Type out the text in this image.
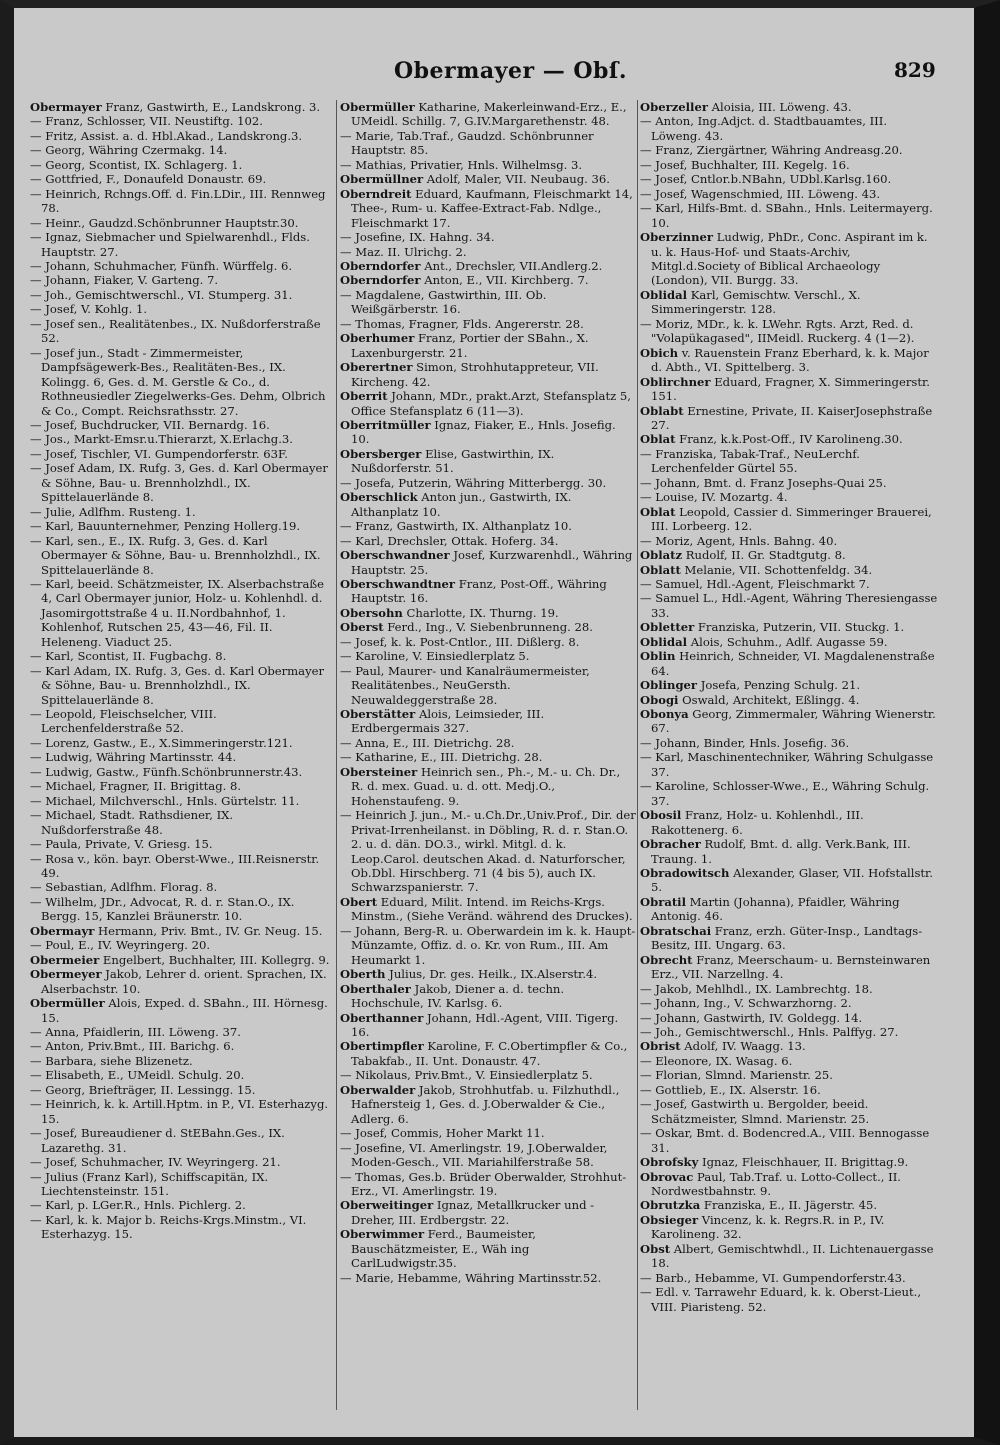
Obermayer — Obſ.	829

Obermayer Franz, Gastwirth, E., Landskrong. 3.

— Franz, Schlosser, VII. Neustiftg. 102.

— Fritz, Assist. a. d. Hbl.Akad., Landskrong.3.

— Georg, Währing Czermakg. 14.

— Georg, Scontist, IX. Schlagerg. 1.

— Gottfried, F., Donaufeld Donaustr. 69.

— Heinrich, Rchngs.Off. d. Fin.LDir., III. Rennweg 78.

— Heinr., Gaudzd.Schönbrunner Hauptstr.30.

— Ignaz, Siebmacher und Spielwarenhdl., Flds. Hauptstr. 27.

— Johann, Schuhmacher, Fünfh. Würffelg. 6.

— Johann, Fiaker, V. Garteng. 7.

— Joh., Gemischtwerschl., VI. Stumperg. 31.

— Josef, V. Kohlg. 1.

— Josef sen., Realitätenbes., IX. Nußdorferstraße 52.

— Josef jun., Stadt - Zimmermeister, Dampfsägewerk-Bes., Realitäten-Bes., IX. Kolingg. 6, Ges. d. M. Gerstle & Co., d. Rothneusiedler Ziegelwerks-Ges. Dehm, Olbrich & Co., Compt. Reichsrathsstr. 27.

— Josef, Buchdrucker, VII. Bernardg. 16.

— Jos., Markt-Emsr.u.Thierarzt, X.Erlachg.3.

— Josef, Tischler, VI. Gumpendorferstr. 63F.

— Josef Adam, IX. Rufg. 3, Ges. d. Karl Obermayer & Söhne, Bau- u. Brennholzhdl., IX. Spittelauerlände 8.

— Julie, Adlfhm. Rusteng. 1.

— Karl, Bauunternehmer, Penzing Hollerg.19.

— Karl, sen., E., IX. Rufg. 3, Ges. d. Karl Obermayer & Söhne, Bau- u. Brennholzhdl., IX. Spittelauerlände 8.

— Karl, beeid. Schätzmeister, IX. Alserbachstraße 4, Carl Obermayer junior, Holz- u. Kohlenhdl. d. Jasomirgottstraße 4 u. II.Nordbahnhof, 1. Kohlenhof, Rutschen 25, 43—46, Fil. II. Heleneng. Viaduct 25.

— Karl, Scontist, II. Fugbachg. 8.

— Karl Adam, IX. Rufg. 3, Ges. d. Karl Obermayer & Söhne, Bau- u. Brennholzhdl., IX. Spittelauerlände 8.

— Leopold, Fleischselcher, VIII. Lerchenfelderstraße 52.

— Lorenz, Gastw., E., X.Simmeringerstr.121.

— Ludwig, Währing Martinsstr. 44.

— Ludwig, Gastw., Fünfh.Schönbrunnerstr.43.

— Michael, Fragner, II. Brigittag. 8.

— Michael, Milchverschl., Hnls. Gürtelstr. 11.

— Michael, Stadt. Rathsdiener, IX. Nußdorferstraße 48.

— Paula, Private, V. Griesg. 15.

— Rosa v., kön. bayr. Oberst-Wwe., III.Reisnerstr. 49.

— Sebastian, Adlfhm. Florag. 8.

— Wilhelm, JDr., Advocat, R. d. r. Stan.O., IX. Bergg. 15, Kanzlei Bräunerstr. 10.

Obermayr Hermann, Priv. Bmt., IV. Gr. Neug. 15.

— Poul, E., IV. Weyringerg. 20.

Obermeier Engelbert, Buchhalter, III. Kollegrg. 9.

Obermeyer Jakob, Lehrer d. orient. Sprachen, IX. Alserbachstr. 10.

Obermüller Alois, Exped. d. SBahn., III. Hörnesg. 15.

— Anna, Pfaidlerin, III. Löweng. 37.

— Anton, Priv.Bmt., III. Barichg. 6.

— Barbara, siehe Blizenetz.

— Elisabeth, E., UMeidl. Schulg. 20.

— Georg, Briefträger, II. Lessingg. 15.

— Heinrich, k. k. Artill.Hptm. in P., VI. Esterhazyg. 15.

— Josef, Bureaudiener d. StEBahn.Ges., IX. Lazarethg. 31.

— Josef, Schuhmacher, IV. Weyringerg. 21.

— Julius (Franz Karl), Schiffscapitän, IX. Liechtensteinstr. 151.

— Karl, p. LGer.R., Hnls. Pichlerg. 2.

— Karl, k. k. Major b. Reichs-Krgs.Minstm., VI. Esterhazyg. 15.

Obermüller Katharine, Makerleinwand-Erz., E., UMeidl. Schillg. 7, G.IV.Margarethenstr. 48.

— Marie, Tab.Traf., Gaudzd. Schönbrunner Hauptstr. 85.

— Mathias, Privatier, Hnls. Wilhelmsg. 3.

Obermüllner Adolf, Maler, VII. Neubaug. 36.

Oberndreit Eduard, Kaufmann, Fleischmarkt 14, Thee-, Rum- u. Kaffee-Extract-Fab. Ndlge., Fleischmarkt 17.

— Josefine, IX. Hahng. 34.

— Maz. II. Ulrichg. 2.

Oberndorfer Ant., Drechsler, VII.Andlerg.2.

Oberndorfer Anton, E., VII. Kirchberg. 7.

— Magdalene, Gastwirthin, III. Ob. Weißgärberstr. 16.

— Thomas, Fragner, Flds. Angererstr. 28.

Oberhumer Franz, Portier der SBahn., X. Laxenburgerstr. 21.

Oberertner Simon, Strohhutappreteur, VII. Kircheng. 42.

Oberrit Johann, MDr., prakt.Arzt, Stefansplatz 5, Office Stefansplatz 6 (11—3).

Oberritmüller Ignaz, Fiaker, E., Hnls. Josefig. 10.

Obersberger Elise, Gastwirthin, IX. Nußdorferstr. 51.

— Josefa, Putzerin, Währing Mitterbergg. 30.

Oberschlick Anton jun., Gastwirth, IX. Althanplatz 10.

— Franz, Gastwirth, IX. Althanplatz 10.

— Karl, Drechsler, Ottak. Hoferg. 34.

Oberschwandner Josef, Kurzwarenhdl., Währing Hauptstr. 25.

Oberschwandtner Franz, Post-Off., Währing Hauptstr. 16.

Obersohn Charlotte, IX. Thurng. 19.

Oberst Ferd., Ing., V. Siebenbrunneng. 28.

— Josef, k. k. Post-Cntlor., III. Dißlerg. 8.

— Karoline, V. Einsiedlerplatz 5.

— Paul, Maurer- und Kanalräumermeister, Realitätenbes., NeuGersth. Neuwaldeggerstraße 28.

Oberstätter Alois, Leimsieder, III. Erdbergermais 327.

— Anna, E., III. Dietrichg. 28.

— Katharine, E., III. Dietrichg. 28.

Obersteiner Heinrich sen., Ph.-, M.- u. Ch. Dr., R. d. mex. Guad. u. d. ott. Medj.O., Hohenstaufeng. 9.

— Heinrich J. jun., M.- u.Ch.Dr.,Univ.Prof., Dir. der Privat-Irrenheilanst. in Döbling, R. d. r. Stan.O. 2. u. d. dän. DO.3., wirkl. Mitgl. d. k. Leop.Carol. deutschen Akad. d. Naturforscher, Ob.Dbl. Hirschberg. 71 (4 bis 5), auch IX. Schwarzspanierstr. 7.

Obert Eduard, Milit. Intend. im Reichs-Krgs. Minstm., (Siehe Veränd. während des Druckes).

— Johann, Berg-R. u. Oberwardein im k. k. Haupt-Münzamte, Offiz. d. o. Kr. von Rum., III. Am Heumarkt 1.

Oberth Julius, Dr. ges. Heilk., IX.Alserstr.4.

Oberthaler Jakob, Diener a. d. techn. Hochschule, IV. Karlsg. 6.

Oberthanner Johann, Hdl.-Agent, VIII. Tigerg. 16.

Obertimpfler Karoline, F. C.Obertimpfler & Co., Tabakfab., II. Unt. Donaustr. 47.

— Nikolaus, Priv.Bmt., V. Einsiedlerplatz 5.

Oberwalder Jakob, Strohhutfab. u. Filzhuthdl., Hafnersteig 1, Ges. d. J.Oberwalder & Cie., Adlerg. 6.

— Josef, Commis, Hoher Markt 11.

— Josefine, VI. Amerlingstr. 19, J.Oberwalder, Moden-Gesch., VII. Mariahilferstraße 58.

— Thomas, Ges.b. Brüder Oberwalder, Strohhut-Erz., VI. Amerlingstr. 19.

Oberweitinger Ignaz, Metallkrucker und -Dreher, III. Erdbergstr. 22.

Oberwimmer Ferd., Baumeister, Bauschätzmeister, E., Wäh ing CarlLudwigstr.35.

— Marie, Hebamme, Währing Martinsstr.52.

Oberzeller Aloisia, III. Löweng. 43.

— Anton, Ing.Adjct. d. Stadtbauamtes, III. Löweng. 43.

— Franz, Ziergärtner, Währing Andreasg.20.

— Josef, Buchhalter, III. Kegelg. 16.

— Josef, Cntlor.b.NBahn, UDbl.Karlsg.160.

— Josef, Wagenschmied, III. Löweng. 43.

— Karl, Hilfs-Bmt. d. SBahn., Hnls. Leitermayerg. 10.

Oberzinner Ludwig, PhDr., Conc. Aspirant im k. u. k. Haus-Hof- und Staats-Archiv, Mitgl.d.Society of Biblical Archaeology (London), VII. Burgg. 33.

Oblidal Karl, Gemischtw. Verschl., X. Simmeringerstr. 128.

— Moriz, MDr., k. k. LWehr. Rgts. Arzt, Red. d. "Volapükagased", IIMeidl. Ruckerg. 4 (1—2).

Obich v. Rauenstein Franz Eberhard, k. k. Major d. Abth., VI. Spittelberg. 3.

Oblirchner Eduard, Fragner, X. Simmeringerstr. 151.

Oblabt Ernestine, Private, II. KaiserJosephstraße 27.

Oblat Franz, k.k.Post-Off., IV Karolineng.30.

— Franziska, Tabak-Traf., NeuLerchf. Lerchenfelder Gürtel 55.

— Johann, Bmt. d. Franz Josephs-Quai 25.

— Louise, IV. Mozartg. 4.

Oblat Leopold, Cassier d. Simmeringer Brauerei, III. Lorbeerg. 12.

— Moriz, Agent, Hnls. Bahng. 40.

Oblatz Rudolf, II. Gr. Stadtgutg. 8.

Oblatt Melanie, VII. Schottenfeldg. 34.

— Samuel, Hdl.-Agent, Fleischmarkt 7.

— Samuel L., Hdl.-Agent, Währing Theresiengasse 33.

Obletter Franziska, Putzerin, VII. Stuckg. 1.

Oblidal Alois, Schuhm., Adlf. Augasse 59.

Oblin Heinrich, Schneider, VI. Magdalenenstraße 64.

Oblinger Josefa, Penzing Schulg. 21.

Obogi Oswald, Architekt, Eßlingg. 4.

Obonya Georg, Zimmermaler, Währing Wienerstr. 67.

— Johann, Binder, Hnls. Josefig. 36.

— Karl, Maschinentechniker, Währing Schulgasse 37.

— Karoline, Schlosser-Wwe., E., Währing Schulg. 37.

Obosil Franz, Holz- u. Kohlenhdl., III. Rakottenerg. 6.

Obracher Rudolf, Bmt. d. allg. Verk.Bank, III. Traung. 1.

Obradowitsch Alexander, Glaser, VII. Hofstallstr. 5.

Obratil Martin (Johanna), Pfaidler, Währing Antonig. 46.

Obratschai Franz, erzh. Güter-Insp., Landtags-Besitz, III. Ungarg. 63.

Obrecht Franz, Meerschaum- u. Bernsteinwaren Erz., VII. Narzellng. 4.

— Jakob, Mehlhdl., IX. Lambrechtg. 18.

— Johann, Ing., V. Schwarzhorng. 2.

— Johann, Gastwirth, IV. Goldegg. 14.

— Joh., Gemischtwerschl., Hnls. Palffyg. 27.

Obrist Adolf, IV. Waagg. 13.

— Eleonore, IX. Wasag. 6.

— Florian, Slmnd. Marienstr. 25.

— Gottlieb, E., IX. Alserstr. 16.

— Josef, Gastwirth u. Bergolder, beeid. Schätzmeister, Slmnd. Marienstr. 25.

— Oskar, Bmt. d. Bodencred.A., VIII. Bennogasse 31.

Obrofsky Ignaz, Fleischhauer, II. Brigittag.9.

Obrovac Paul, Tab.Traf. u. Lotto-Collect., II. Nordwestbahnstr. 9.

Obrutzka Franziska, E., II. Jägerstr. 45.

Obsieger Vincenz, k. k. Regrs.R. in P., IV. Karolineng. 32.

Obst Albert, Gemischtwhdl., II. Lichtenauergasse 18.

— Barb., Hebamme, VI. Gumpendorferstr.43.

— Edl. v. Tarrawehr Eduard, k. k. Oberst-Lieut., VIII. Piaristeng. 52.
